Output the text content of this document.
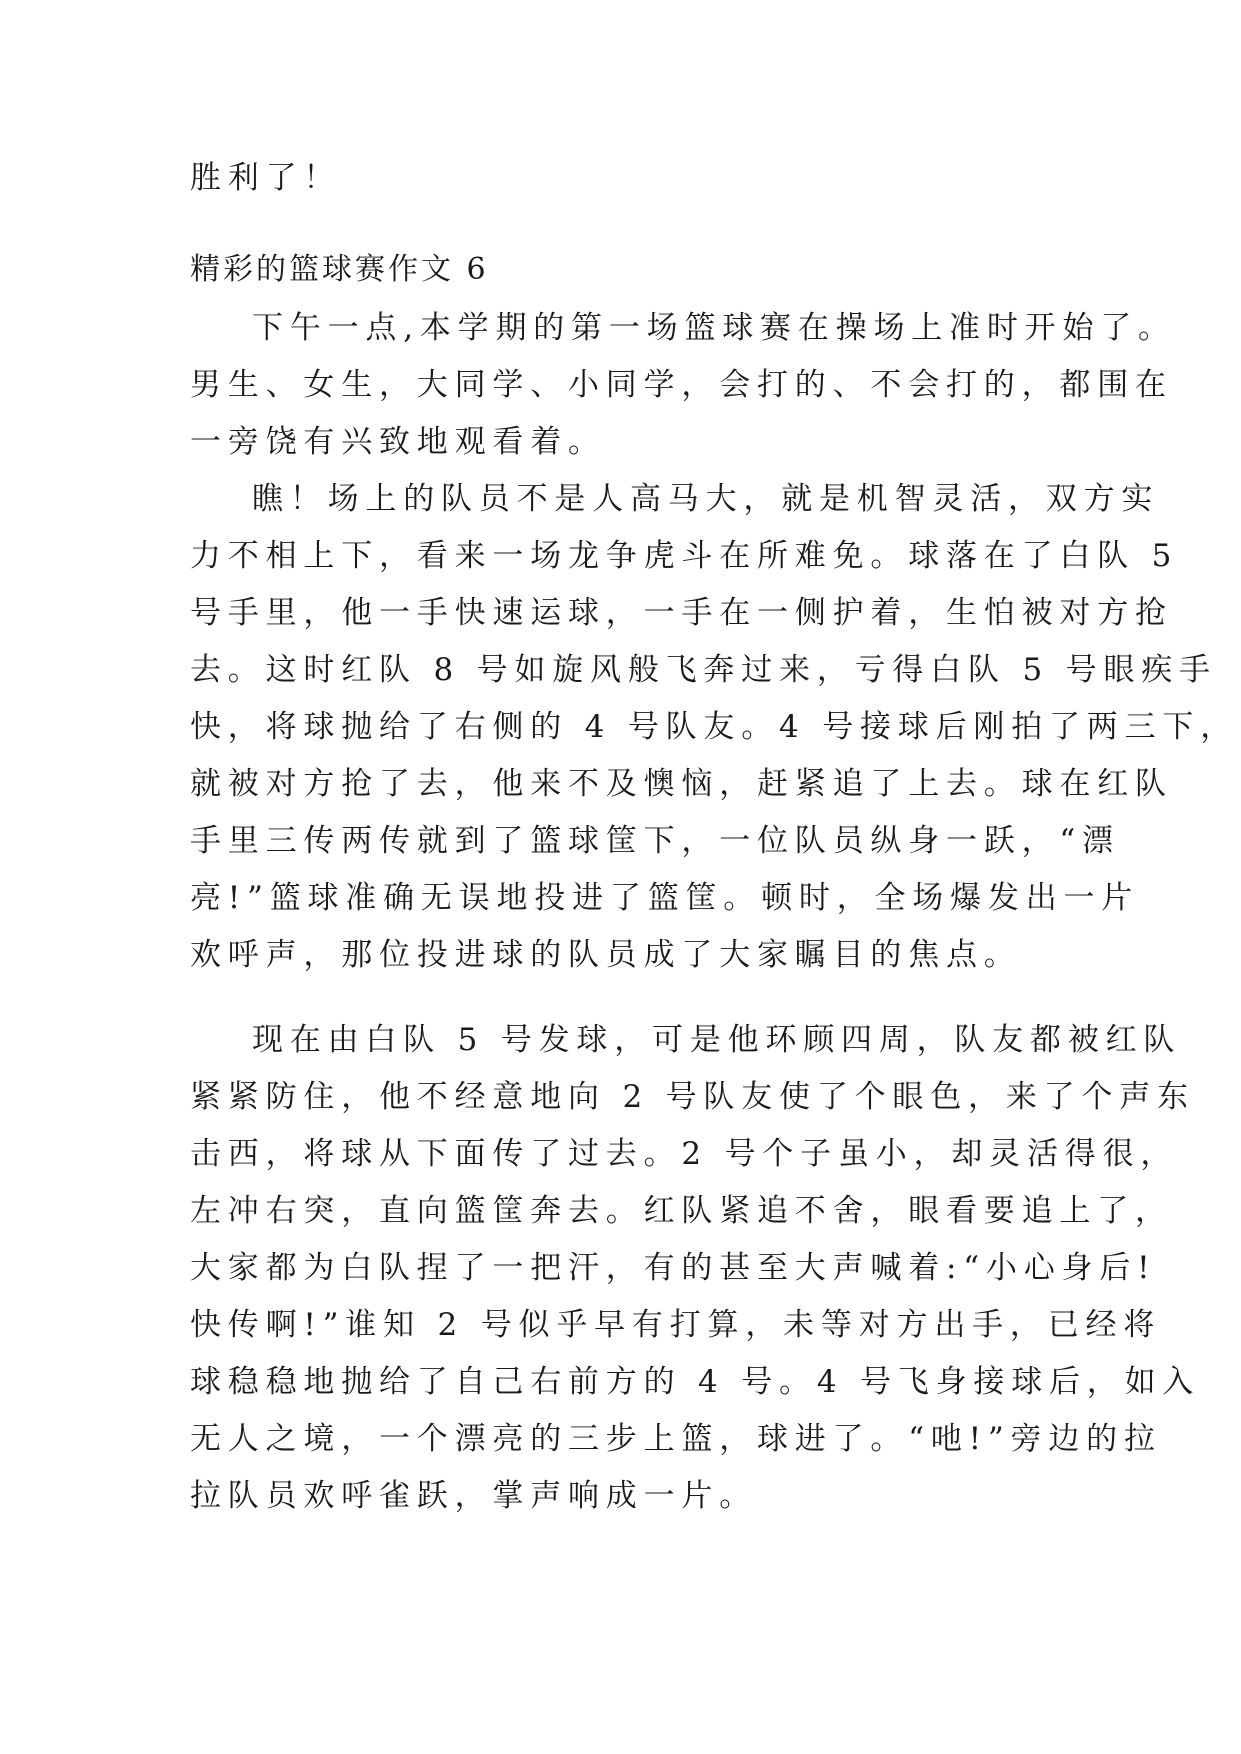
胜利了！
精彩的篮球赛作文 6
下午一点,本学期的第一场篮球赛在操场上准时开始了。
男生、女生，大同学、小同学，会打的、不会打的，都围在
一旁饶有兴致地观看着。
瞧！场上的队员不是人高马大，就是机智灵活，双方实
力不相上下，看来一场龙争虎斗在所难免。球落在了白队 5
号手里，他一手快速运球，一手在一侧护着，生怕被对方抢
去。这时红队 8 号如旋风般飞奔过来，亏得白队 5 号眼疾手
快，将球抛给了右侧的 4 号队友。4 号接球后刚拍了两三下，
就被对方抢了去，他来不及懊恼，赶紧追了上去。球在红队
手里三传两传就到了篮球筐下，一位队员纵身一跃，“漂
亮!”篮球准确无误地投进了篮筐。顿时，全场爆发出一片
欢呼声，那位投进球的队员成了大家瞩目的焦点。
现在由白队 5 号发球，可是他环顾四周，队友都被红队
紧紧防住，他不经意地向 2 号队友使了个眼色，来了个声东
击西，将球从下面传了过去。2 号个子虽小，却灵活得很，
左冲右突，直向篮筐奔去。红队紧追不舍，眼看要追上了，
大家都为白队捏了一把汗，有的甚至大声喊着:“小心身后!
快传啊!”谁知 2 号似乎早有打算，未等对方出手，已经将
球稳稳地抛给了自己右前方的 4 号。4 号飞身接球后，如入
无人之境，一个漂亮的三步上篮，球进了。“吔!”旁边的拉
拉队员欢呼雀跃，掌声响成一片。
